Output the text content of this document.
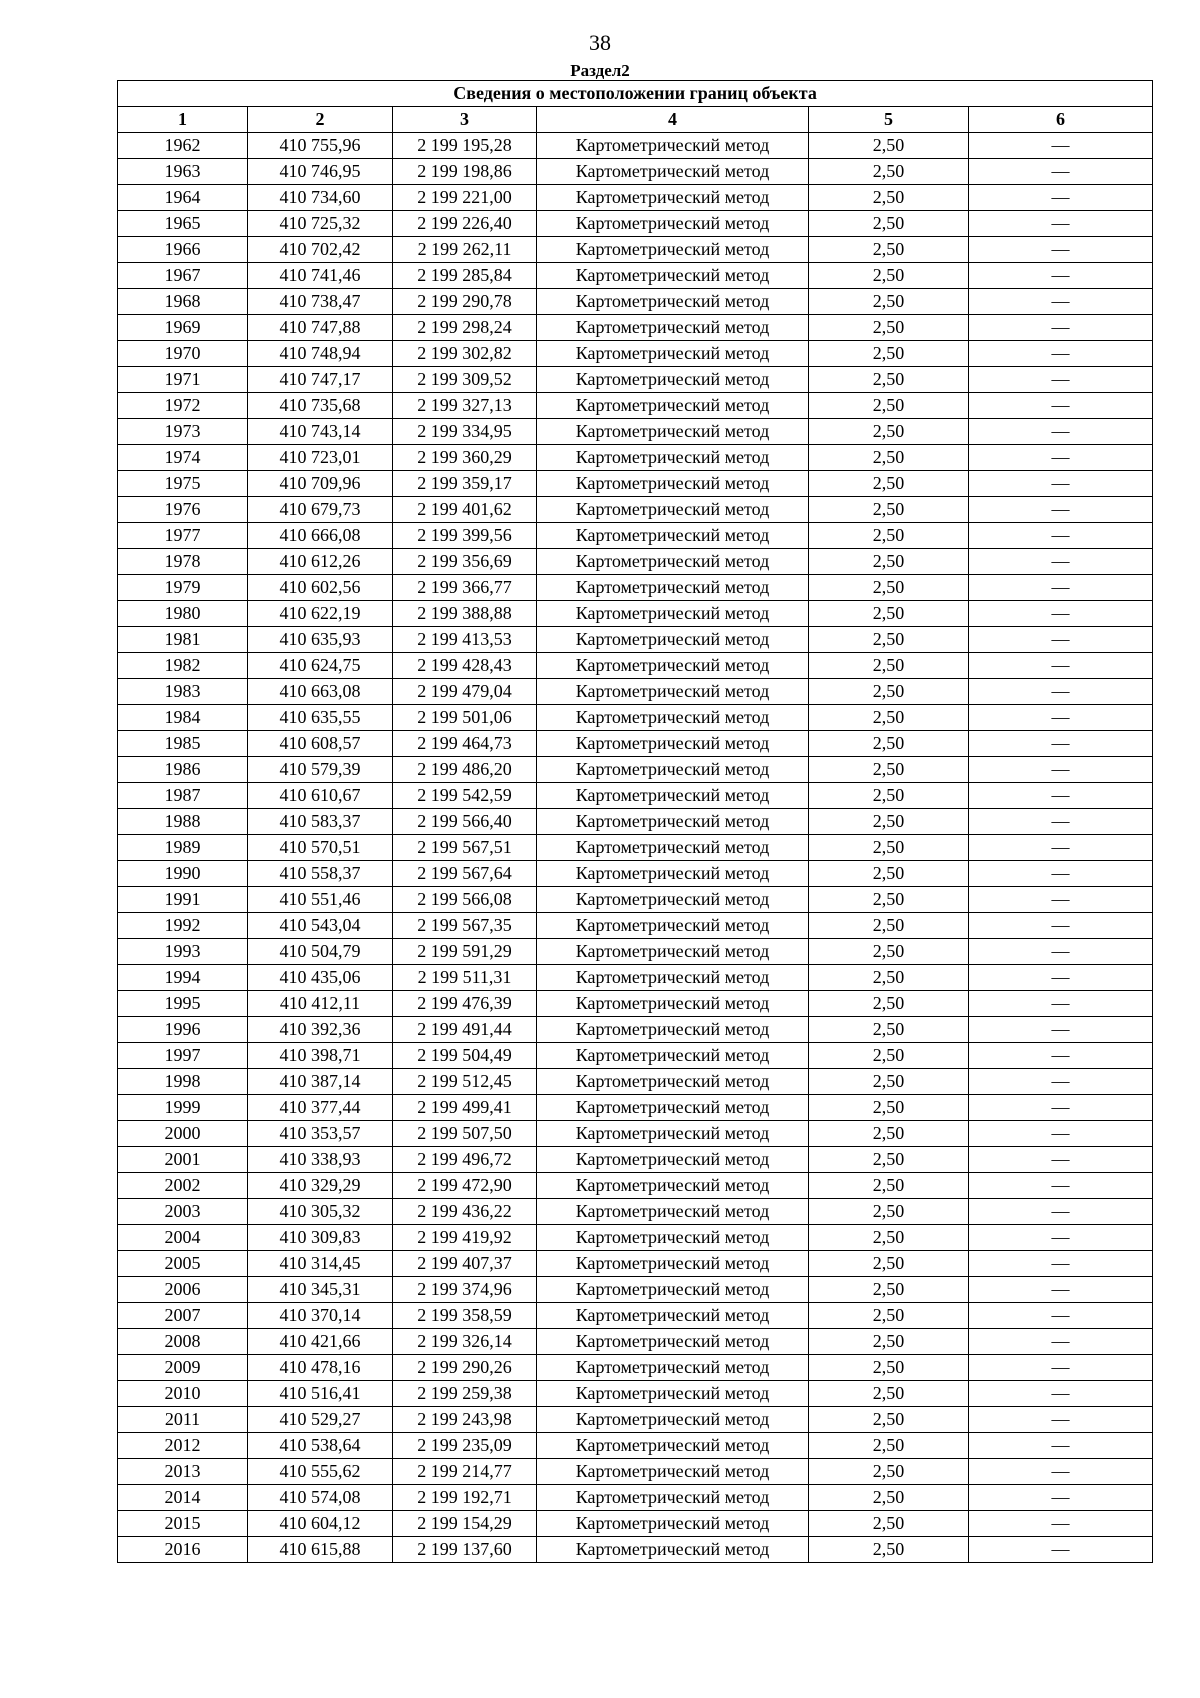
38
Раздел2
Сведения о местоположении границ объекта					
1	2	3	4	5	6
1962	410 755,96	2 199 195,28	Картометрический метод	2,50	—
1963	410 746,95	2 199 198,86	Картометрический метод	2,50	—
1964	410 734,60	2 199 221,00	Картометрический метод	2,50	—
1965	410 725,32	2 199 226,40	Картометрический метод	2,50	—
1966	410 702,42	2 199 262,11	Картометрический метод	2,50	—
1967	410 741,46	2 199 285,84	Картометрический метод	2,50	—
1968	410 738,47	2 199 290,78	Картометрический метод	2,50	—
1969	410 747,88	2 199 298,24	Картометрический метод	2,50	—
1970	410 748,94	2 199 302,82	Картометрический метод	2,50	—
1971	410 747,17	2 199 309,52	Картометрический метод	2,50	—
1972	410 735,68	2 199 327,13	Картометрический метод	2,50	—
1973	410 743,14	2 199 334,95	Картометрический метод	2,50	—
1974	410 723,01	2 199 360,29	Картометрический метод	2,50	—
1975	410 709,96	2 199 359,17	Картометрический метод	2,50	—
1976	410 679,73	2 199 401,62	Картометрический метод	2,50	—
1977	410 666,08	2 199 399,56	Картометрический метод	2,50	—
1978	410 612,26	2 199 356,69	Картометрический метод	2,50	—
1979	410 602,56	2 199 366,77	Картометрический метод	2,50	—
1980	410 622,19	2 199 388,88	Картометрический метод	2,50	—
1981	410 635,93	2 199 413,53	Картометрический метод	2,50	—
1982	410 624,75	2 199 428,43	Картометрический метод	2,50	—
1983	410 663,08	2 199 479,04	Картометрический метод	2,50	—
1984	410 635,55	2 199 501,06	Картометрический метод	2,50	—
1985	410 608,57	2 199 464,73	Картометрический метод	2,50	—
1986	410 579,39	2 199 486,20	Картометрический метод	2,50	—
1987	410 610,67	2 199 542,59	Картометрический метод	2,50	—
1988	410 583,37	2 199 566,40	Картометрический метод	2,50	—
1989	410 570,51	2 199 567,51	Картометрический метод	2,50	—
1990	410 558,37	2 199 567,64	Картометрический метод	2,50	—
1991	410 551,46	2 199 566,08	Картометрический метод	2,50	—
1992	410 543,04	2 199 567,35	Картометрический метод	2,50	—
1993	410 504,79	2 199 591,29	Картометрический метод	2,50	—
1994	410 435,06	2 199 511,31	Картометрический метод	2,50	—
1995	410 412,11	2 199 476,39	Картометрический метод	2,50	—
1996	410 392,36	2 199 491,44	Картометрический метод	2,50	—
1997	410 398,71	2 199 504,49	Картометрический метод	2,50	—
1998	410 387,14	2 199 512,45	Картометрический метод	2,50	—
1999	410 377,44	2 199 499,41	Картометрический метод	2,50	—
2000	410 353,57	2 199 507,50	Картометрический метод	2,50	—
2001	410 338,93	2 199 496,72	Картометрический метод	2,50	—
2002	410 329,29	2 199 472,90	Картометрический метод	2,50	—
2003	410 305,32	2 199 436,22	Картометрический метод	2,50	—
2004	410 309,83	2 199 419,92	Картометрический метод	2,50	—
2005	410 314,45	2 199 407,37	Картометрический метод	2,50	—
2006	410 345,31	2 199 374,96	Картометрический метод	2,50	—
2007	410 370,14	2 199 358,59	Картометрический метод	2,50	—
2008	410 421,66	2 199 326,14	Картометрический метод	2,50	—
2009	410 478,16	2 199 290,26	Картометрический метод	2,50	—
2010	410 516,41	2 199 259,38	Картометрический метод	2,50	—
2011	410 529,27	2 199 243,98	Картометрический метод	2,50	—
2012	410 538,64	2 199 235,09	Картометрический метод	2,50	—
2013	410 555,62	2 199 214,77	Картометрический метод	2,50	—
2014	410 574,08	2 199 192,71	Картометрический метод	2,50	—
2015	410 604,12	2 199 154,29	Картометрический метод	2,50	—
2016	410 615,88	2 199 137,60	Картометрический метод	2,50	—
